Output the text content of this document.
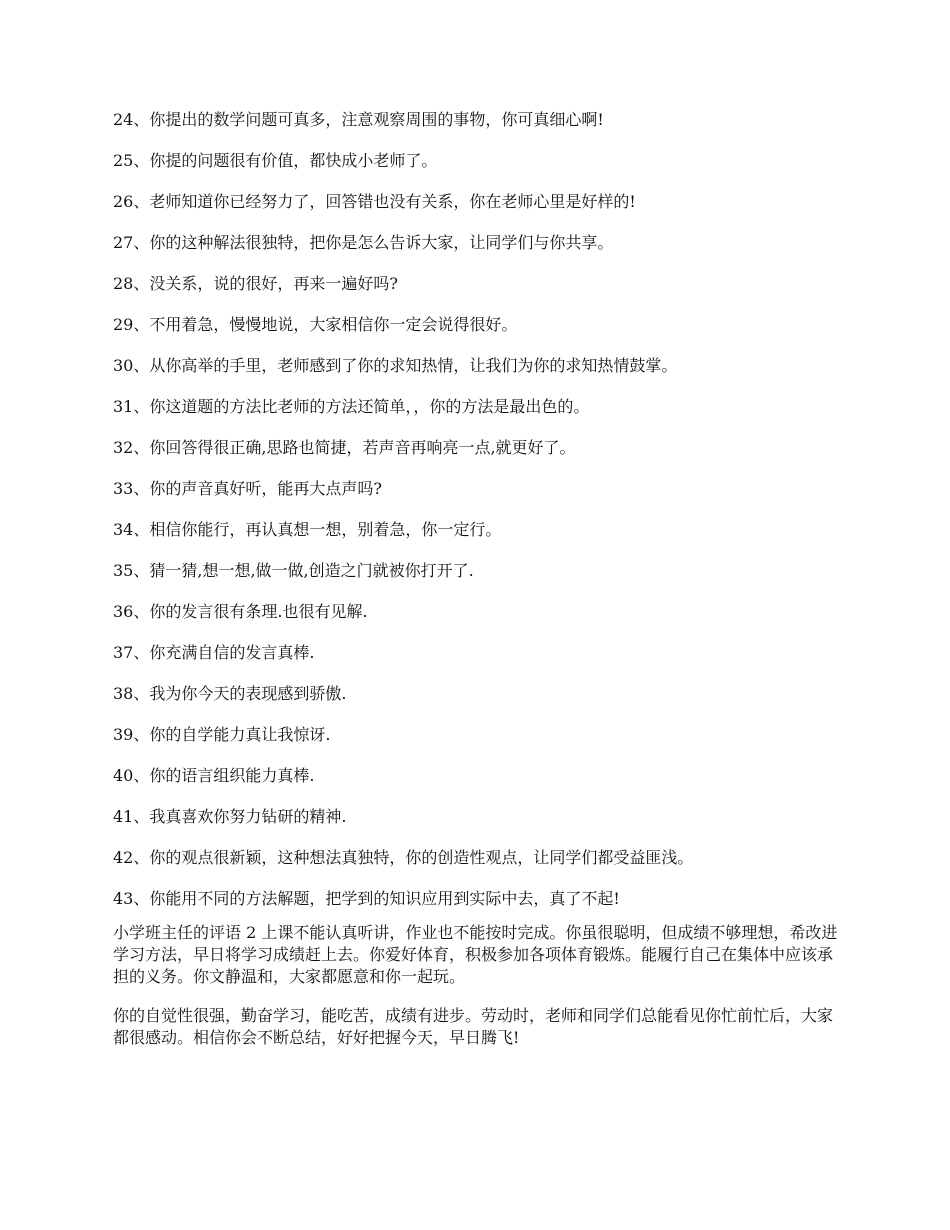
24、你提出的数学问题可真多，注意观察周围的事物，你可真细心啊!

25、你提的问题很有价值，都快成小老师了。

26、老师知道你已经努力了，回答错也没有关系，你在老师心里是好样的!

27、你的这种解法很独特，把你是怎么告诉大家，让同学们与你共享。

28、没关系，说的很好，再来一遍好吗?

29、不用着急，慢慢地说，大家相信你一定会说得很好。

30、从你高举的手里，老师感到了你的求知热情，让我们为你的求知热情鼓掌。

31、你这道题的方法比老师的方法还简单，，你的方法是最出色的。

32、你回答得很正确,思路也简捷，若声音再响亮一点,就更好了。

33、你的声音真好听，能再大点声吗?

34、相信你能行，再认真想一想，别着急，你一定行。

35、猜一猜,想一想,做一做,创造之门就被你打开了.

36、你的发言很有条理.也很有见解.

37、你充满自信的发言真棒.

38、我为你今天的表现感到骄傲.

39、你的自学能力真让我惊讶.

40、你的语言组织能力真棒.

41、我真喜欢你努力钻研的精神.

42、你的观点很新颖，这种想法真独特，你的创造性观点，让同学们都受益匪浅。

43、你能用不同的方法解题，把学到的知识应用到实际中去，真了不起!

小学班主任的评语 2 上课不能认真听讲，作业也不能按时完成。你虽很聪明，但成绩不够理想，希改进学习方法，早日将学习成绩赶上去。你爱好体育，积极参加各项体育锻炼。能履行自己在集体中应该承担的义务。你文静温和，大家都愿意和你一起玩。

你的自觉性很强，勤奋学习，能吃苦，成绩有进步。劳动时，老师和同学们总能看见你忙前忙后，大家都很感动。相信你会不断总结，好好把握今天，早日腾飞!
